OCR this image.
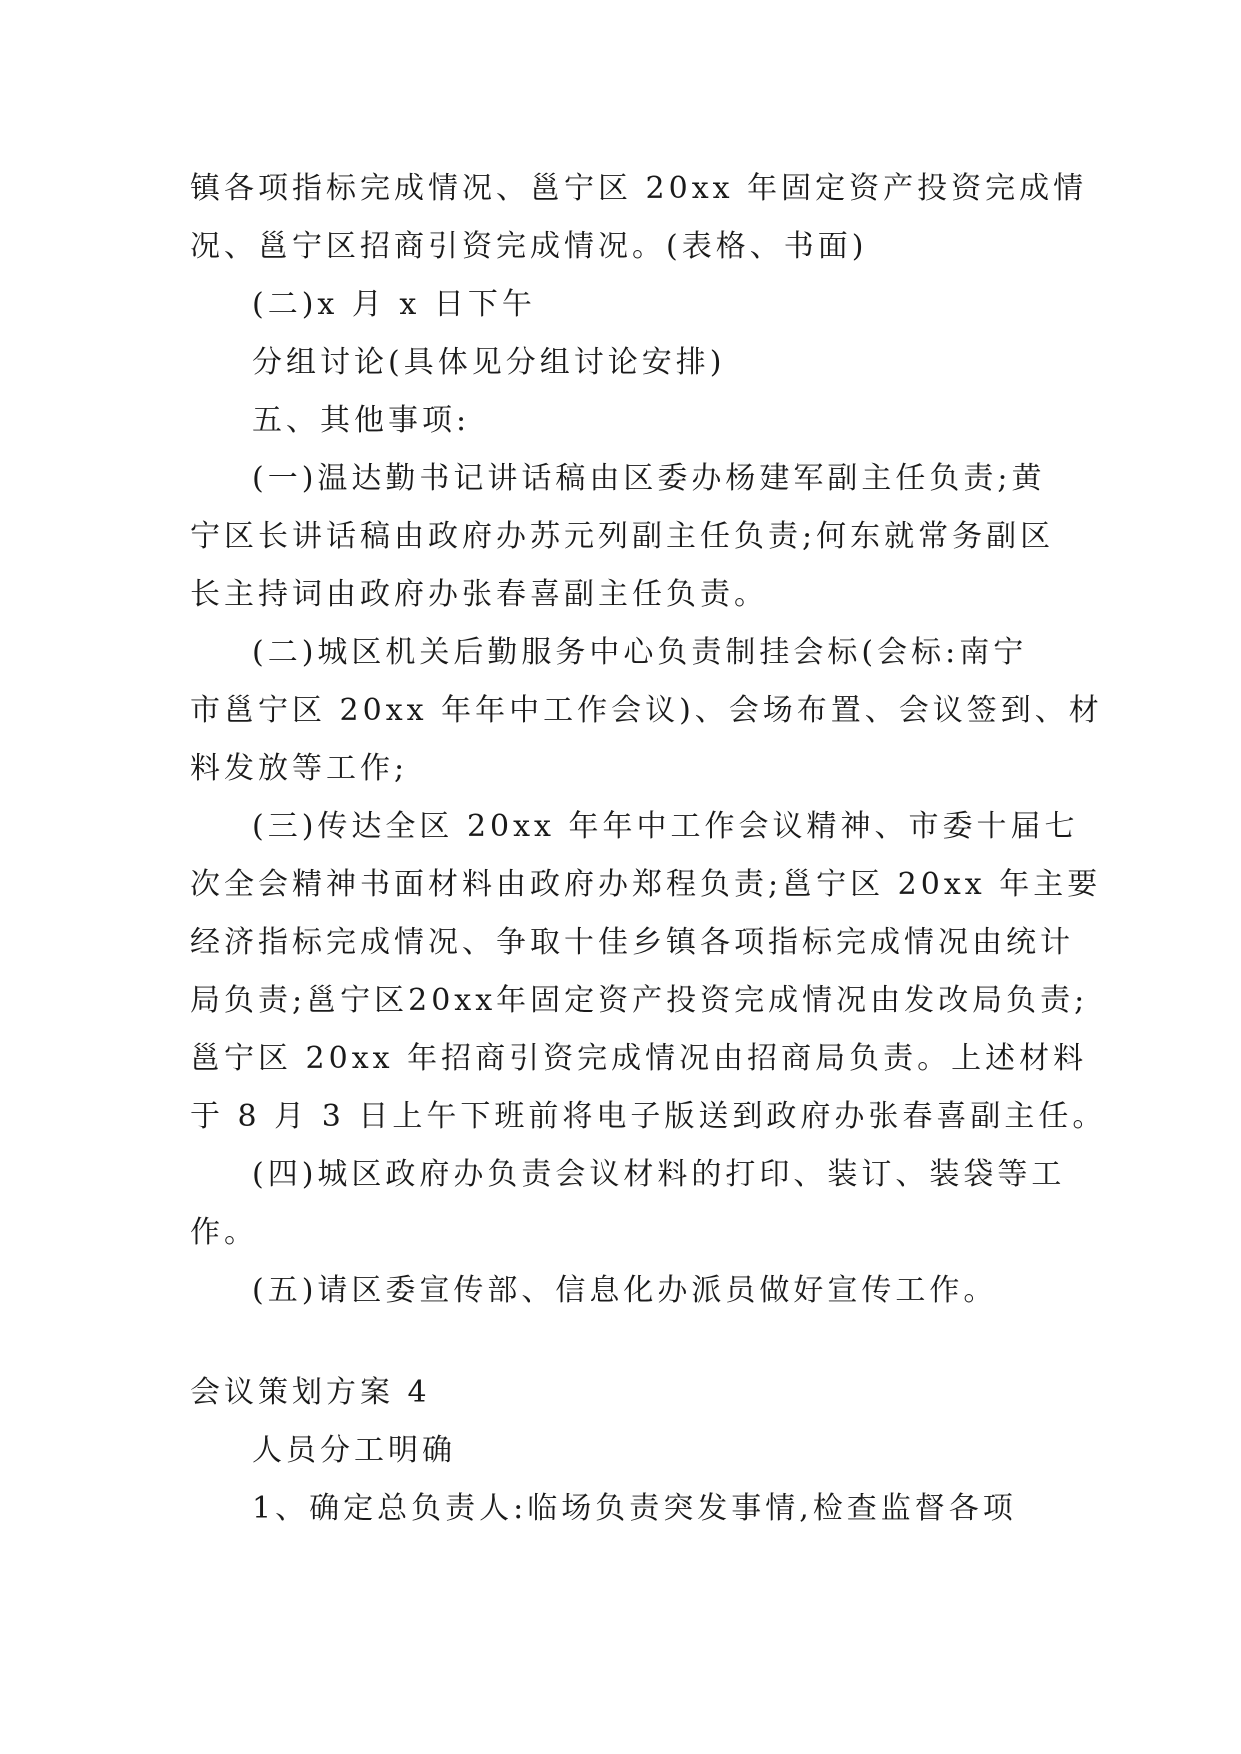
镇各项指标完成情况、邕宁区 20xx 年固定资产投资完成情
况、邕宁区招商引资完成情况。(表格、书面)

(二)x 月 x 日下午

分组讨论(具体见分组讨论安排)

五、其他事项:

(一)温达勤书记讲话稿由区委办杨建军副主任负责;黄
宁区长讲话稿由政府办苏元列副主任负责;何东就常务副区
长主持词由政府办张春喜副主任负责。

(二)城区机关后勤服务中心负责制挂会标(会标:南宁
市邕宁区 20xx 年年中工作会议)、会场布置、会议签到、材
料发放等工作;

(三)传达全区 20xx 年年中工作会议精神、市委十届七
次全会精神书面材料由政府办郑程负责;邕宁区 20xx 年主要
经济指标完成情况、争取十佳乡镇各项指标完成情况由统计
局负责;邕宁区20xx年固定资产投资完成情况由发改局负责;
邕宁区 20xx 年招商引资完成情况由招商局负责。上述材料
于 8 月 3 日上午下班前将电子版送到政府办张春喜副主任。

(四)城区政府办负责会议材料的打印、装订、装袋等工
作。

(五)请区委宣传部、信息化办派员做好宣传工作。

会议策划方案 4

人员分工明确

1、确定总负责人:临场负责突发事情,检查监督各项
